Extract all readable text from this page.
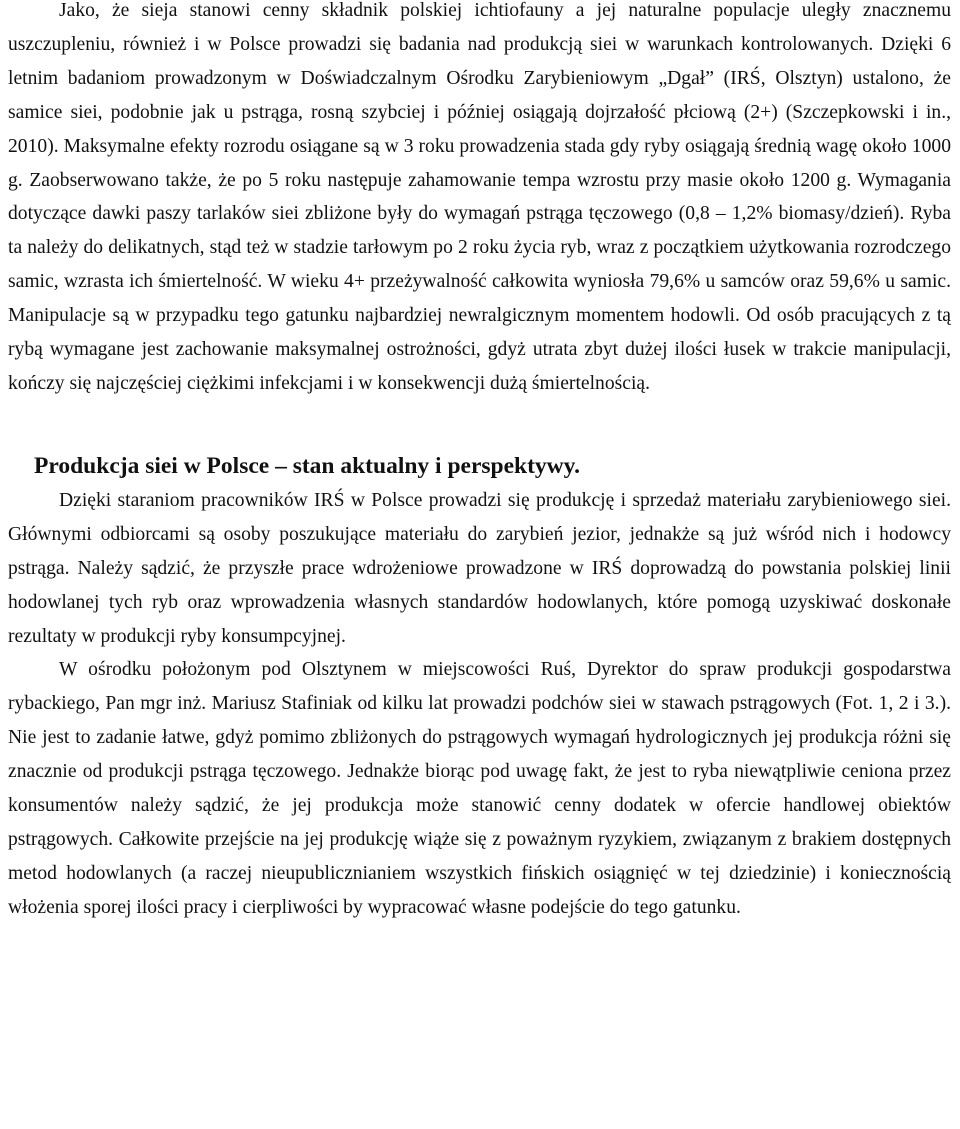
Jako, że sieja stanowi cenny składnik polskiej ichtiofauny a jej naturalne populacje uległy znacznemu uszczupleniu, również i w Polsce prowadzi się badania nad produkcją siei w warunkach kontrolowanych. Dzięki 6 letnim badaniom prowadzonym w Doświadczalnym Ośrodku Zarybieniowym „Dgał” (IRŚ, Olsztyn) ustalono, że samice siei, podobnie jak u pstrąga, rosną szybciej i później osiągają dojrzałość płciową (2+) (Szczepkowski i in., 2010). Maksymalne efekty rozrodu osiągane są w 3 roku prowadzenia stada gdy ryby osiągają średnią wagę około 1000 g. Zaobserwowano także, że po 5 roku następuje zahamowanie tempa wzrostu przy masie około 1200 g. Wymagania dotyczące dawki paszy tarlaków siei zbliżone były do wymagań pstrąga tęczowego (0,8 – 1,2% biomasy/dzień). Ryba ta należy do delikatnych, stąd też w stadzie tarłowym po 2 roku życia ryb, wraz z początkiem użytkowania rozrodczego samic, wzrasta ich śmiertelność. W wieku 4+ przeżywalność całkowita wyniosła 79,6% u samców oraz 59,6% u samic. Manipulacje są w przypadku tego gatunku najbardziej newralgicznym momentem hodowli. Od osób pracujących z tą rybą wymagane jest zachowanie maksymalnej ostrożności, gdyż utrata zbyt dużej ilości łusek w trakcie manipulacji, kończy się najczęściej ciężkimi infekcjami i w konsekwencji dużą śmiertelnością.

Produkcja siei w Polsce – stan aktualny i perspektywy.

Dzięki staraniom pracowników IRŚ w Polsce prowadzi się produkcję i sprzedaż materiału zarybieniowego siei. Głównymi odbiorcami są osoby poszukujące materiału do zarybień jezior, jednakże są już wśród nich i hodowcy pstrąga. Należy sądzić, że przyszłe prace wdrożeniowe prowadzone w IRŚ doprowadzą do powstania polskiej linii hodowlanej tych ryb oraz wprowadzenia własnych standardów hodowlanych, które pomogą uzyskiwać doskonałe rezultaty w produkcji ryby konsumpcyjnej.

W ośrodku położonym pod Olsztynem w miejscowości Ruś, Dyrektor do spraw produkcji gospodarstwa rybackiego, Pan mgr inż. Mariusz Stafiniak od kilku lat prowadzi podchów siei w stawach pstrągowych (Fot. 1, 2 i 3.). Nie jest to zadanie łatwe, gdyż pomimo zbliżonych do pstrągowych wymagań hydrologicznych jej produkcja różni się znacznie od produkcji pstrąga tęczowego. Jednakże biorąc pod uwagę fakt, że jest to ryba niewątpliwie ceniona przez konsumentów należy sądzić, że jej produkcja może stanowić cenny dodatek w ofercie handlowej obiektów pstrągowych. Całkowite przejście na jej produkcję wiąże się z poważnym ryzykiem, związanym z brakiem dostępnych metod hodowlanych (a raczej nieupublicznianiem wszystkich fińskich osiągnięć w tej dziedzinie) i koniecznością włożenia sporej ilości pracy i cierpliwości by wypracować własne podejście do tego gatunku.
